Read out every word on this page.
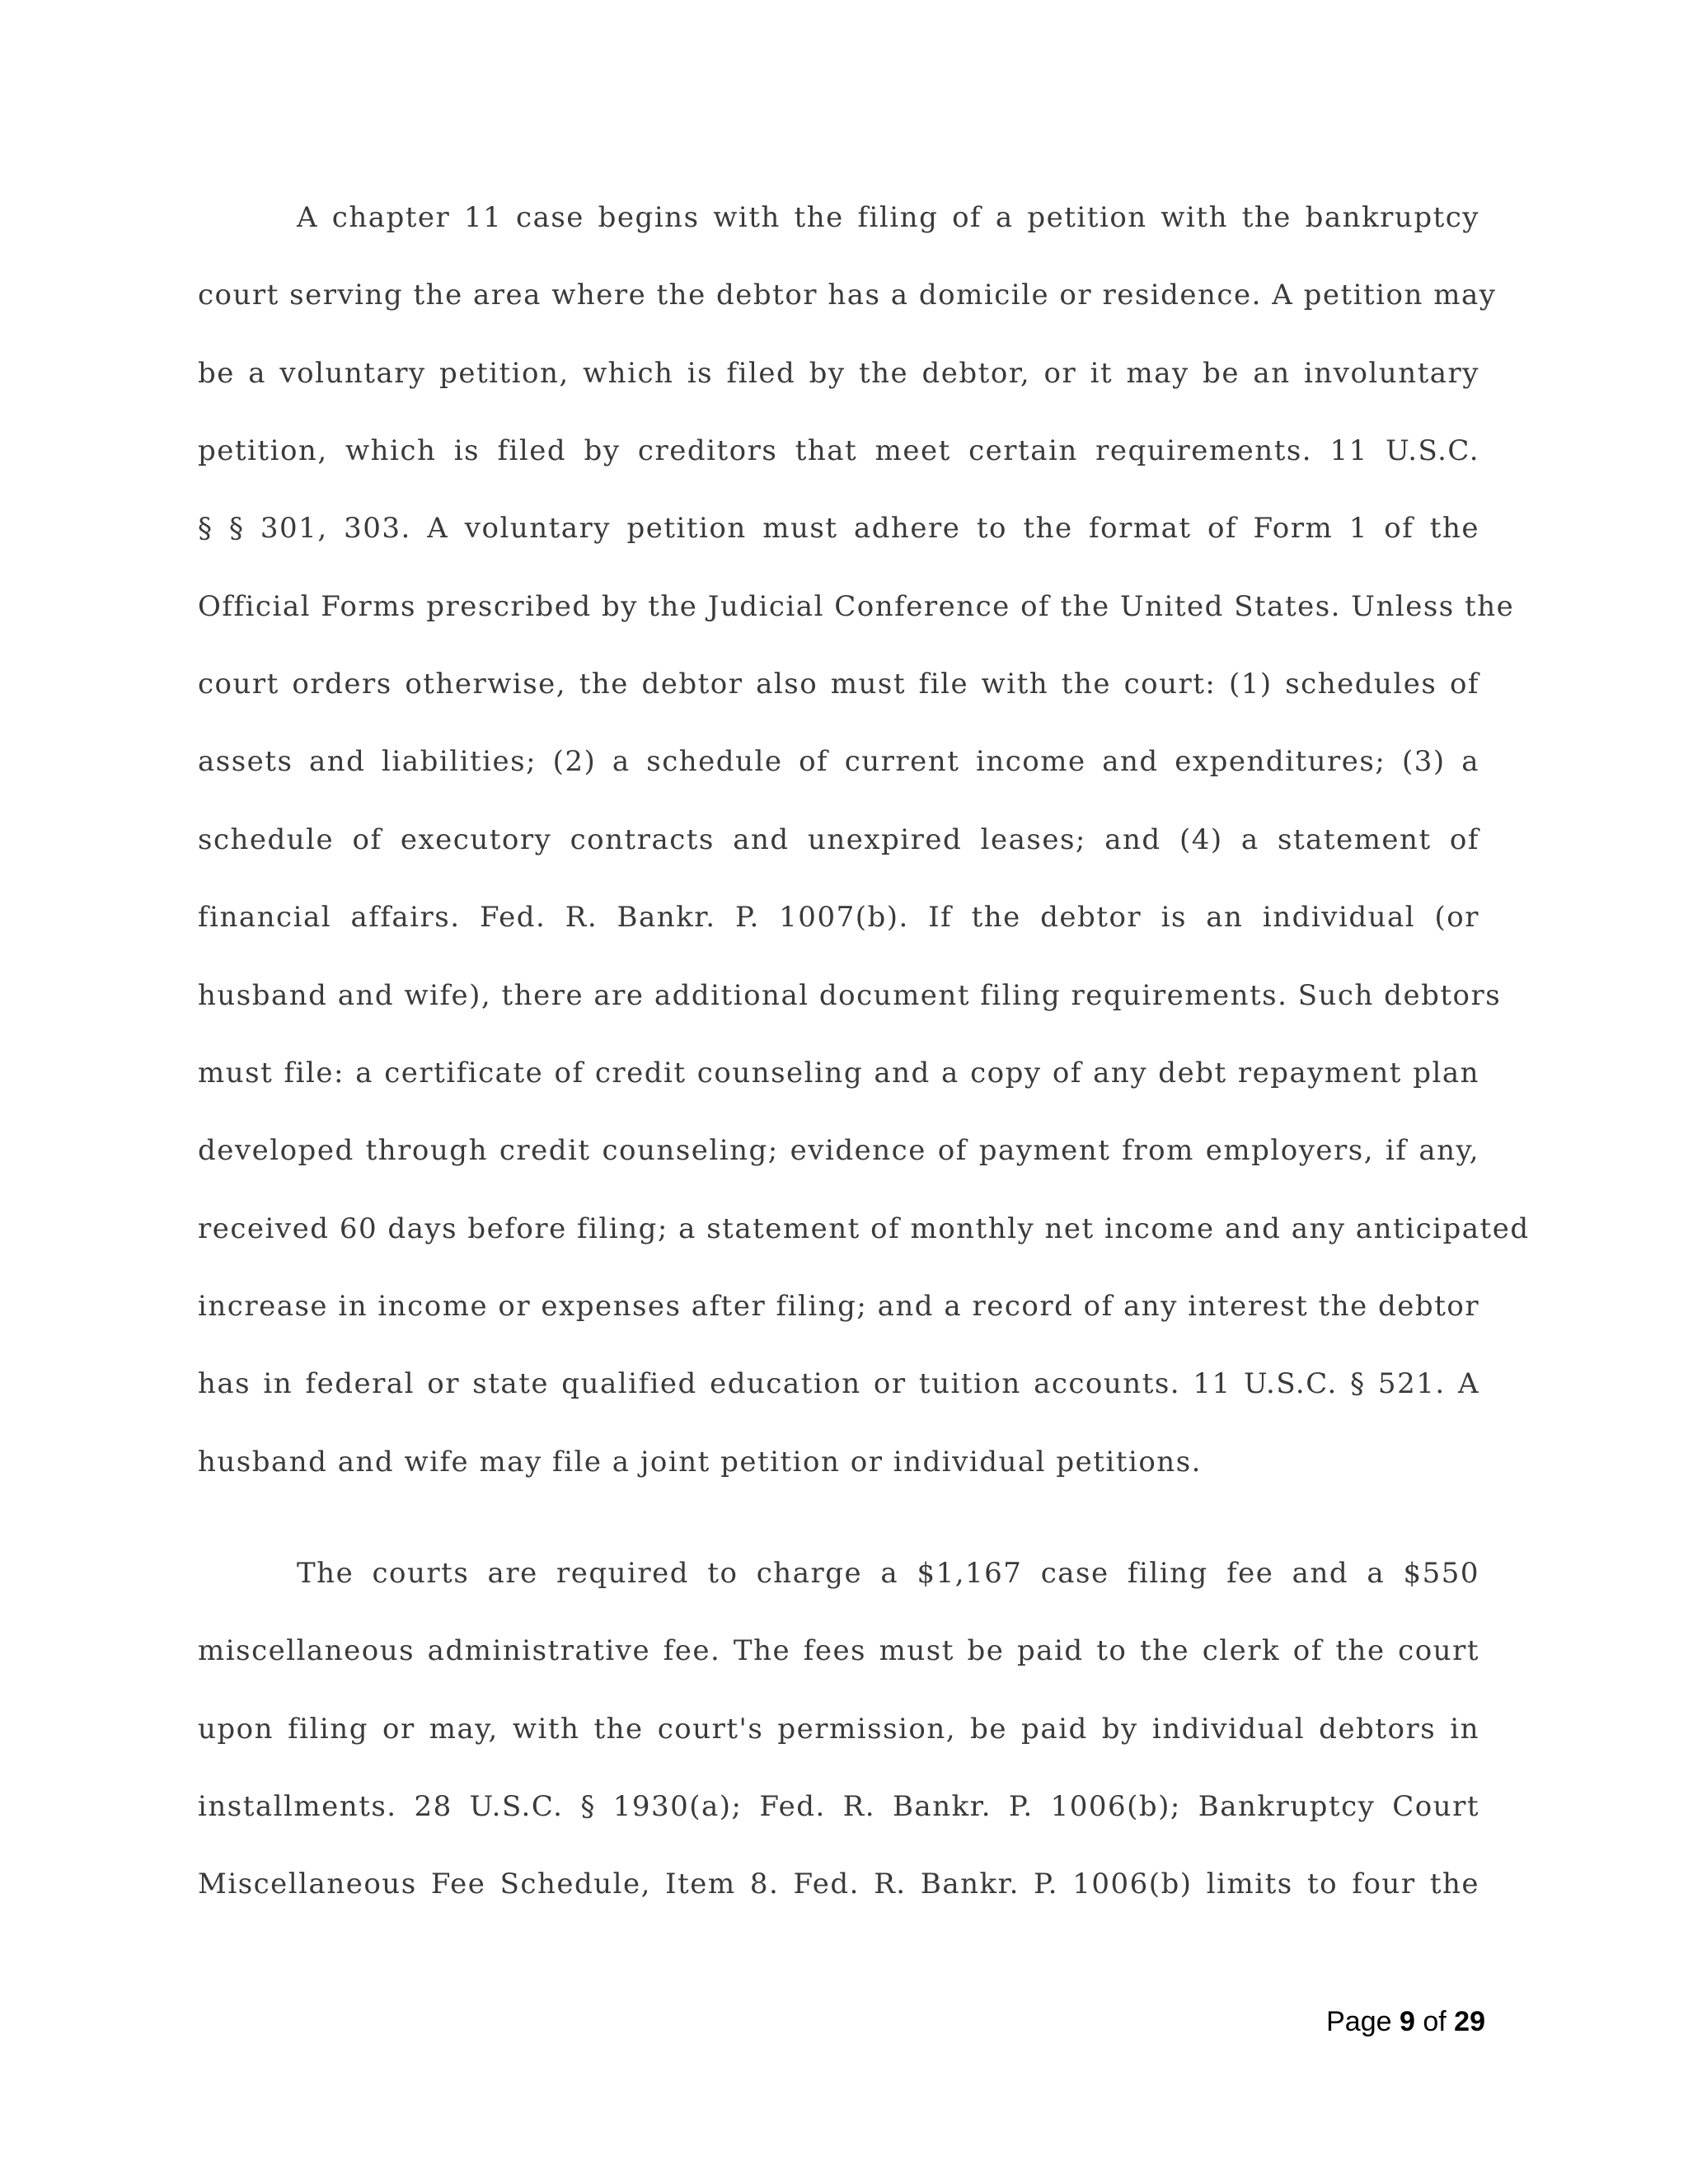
A chapter 11 case begins with the filing of a petition with the bankruptcy
court serving the area where the debtor has a domicile or residence. A petition may
be a voluntary petition, which is filed by the debtor, or it may be an involuntary
petition, which is filed by creditors that meet certain requirements. 11 U.S.C.
§ § 301, 303. A voluntary petition must adhere to the format of Form 1 of the
Official Forms prescribed by the Judicial Conference of the United States. Unless the
court orders otherwise, the debtor also must file with the court: (1) schedules of
assets and liabilities; (2) a schedule of current income and expenditures; (3) a
schedule of executory contracts and unexpired leases; and (4) a statement of
financial affairs. Fed. R. Bankr. P. 1007(b). If the debtor is an individual (or
husband and wife), there are additional document filing requirements. Such debtors
must file: a certificate of credit counseling and a copy of any debt repayment plan
developed through credit counseling; evidence of payment from employers, if any,
received 60 days before filing; a statement of monthly net income and any anticipated
increase in income or expenses after filing; and a record of any interest the debtor
has in federal or state qualified education or tuition accounts. 11 U.S.C. § 521. A
husband and wife may file a joint petition or individual petitions.
The courts are required to charge a $1,167 case filing fee and a $550
miscellaneous administrative fee. The fees must be paid to the clerk of the court
upon filing or may, with the court's permission, be paid by individual debtors in
installments. 28 U.S.C. § 1930(a); Fed. R. Bankr. P. 1006(b); Bankruptcy Court
Miscellaneous Fee Schedule, Item 8. Fed. R. Bankr. P. 1006(b) limits to four the
Page 9 of 29
